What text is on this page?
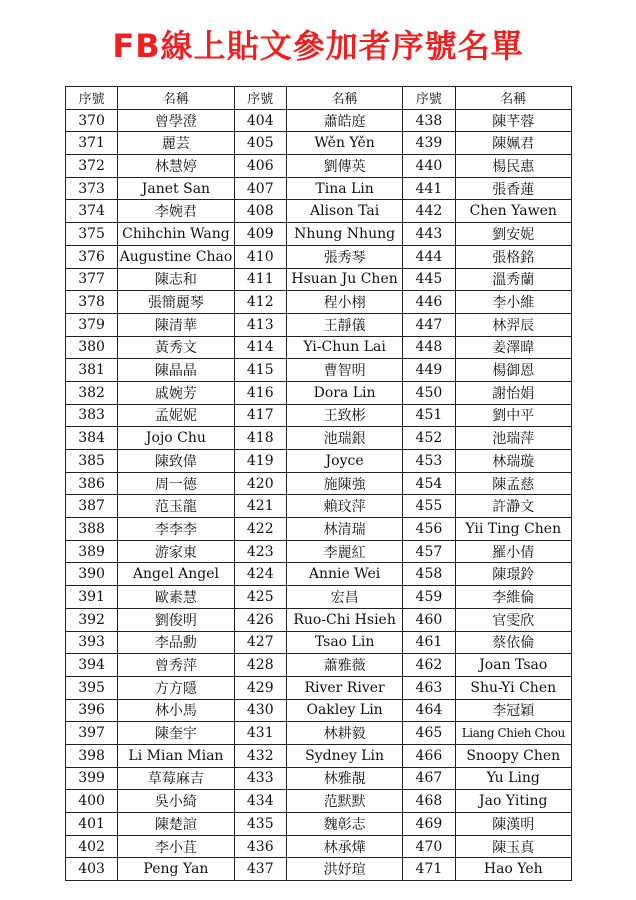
FB線上貼文參加者序號名單
序號	名稱	序號	名稱	序號	名稱
370	曾學澄	404	蕭皓庭	438	陳芊蓉
371	麗芸	405	Wěn Yěn	439	陳姵君
372	林慧婷	406	劉傳英	440	楊民惠
373	Janet San	407	Tina Lin	441	張香蓮
374	李婉君	408	Alison Tai	442	Chen Yawen
375	Chihchin Wang	409	Nhung Nhung	443	劉安妮
376	Augustine Chao	410	張秀琴	444	張格銘
377	陳志和	411	Hsuan Ju Chen	445	溫秀蘭
378	張簡麗琴	412	程小栩	446	李小維
379	陳清華	413	王靜儀	447	林羿辰
380	黃秀文	414	Yi-Chun Lai	448	姜澤暐
381	陳晶晶	415	曹智明	449	楊御恩
382	戚婉芳	416	Dora Lin	450	謝怡娟
383	孟妮妮	417	王致彬	451	劉中平
384	Jojo Chu	418	池瑞銀	452	池瑞萍
385	陳致偉	419	Joyce	453	林瑞璇
386	周一德	420	施陳強	454	陳孟慈
387	范玉龍	421	賴玟萍	455	許瀞文
388	李李李	422	林清瑞	456	Yii Ting Chen
389	游家東	423	李麗紅	457	羅小倩
390	Angel Angel	424	Annie Wei	458	陳璟鈴
391	歐素慧	425	宏昌	459	李維倫
392	劉俊明	426	Ruo-Chi Hsieh	460	官雯欣
393	李品勳	427	Tsao Lin	461	蔡依倫
394	曾秀萍	428	蕭雅薇	462	Joan Tsao
395	方方隱	429	River River	463	Shu-Yi Chen
396	林小馬	430	Oakley Lin	464	李冠穎
397	陳奎宇	431	林耕毅	465	Liang Chieh Chou
398	Li Mian Mian	432	Sydney Lin	466	Snoopy Chen
399	草莓麻吉	433	林雅靚	467	Yu Ling
400	吳小綺	434	范默默	468	Jao Yiting
401	陳楚諠	435	魏彰志	469	陳漢明
402	李小苴	436	林承燁	470	陳玉真
403	Peng Yan	437	洪妤瑄	471	Hao Yeh
